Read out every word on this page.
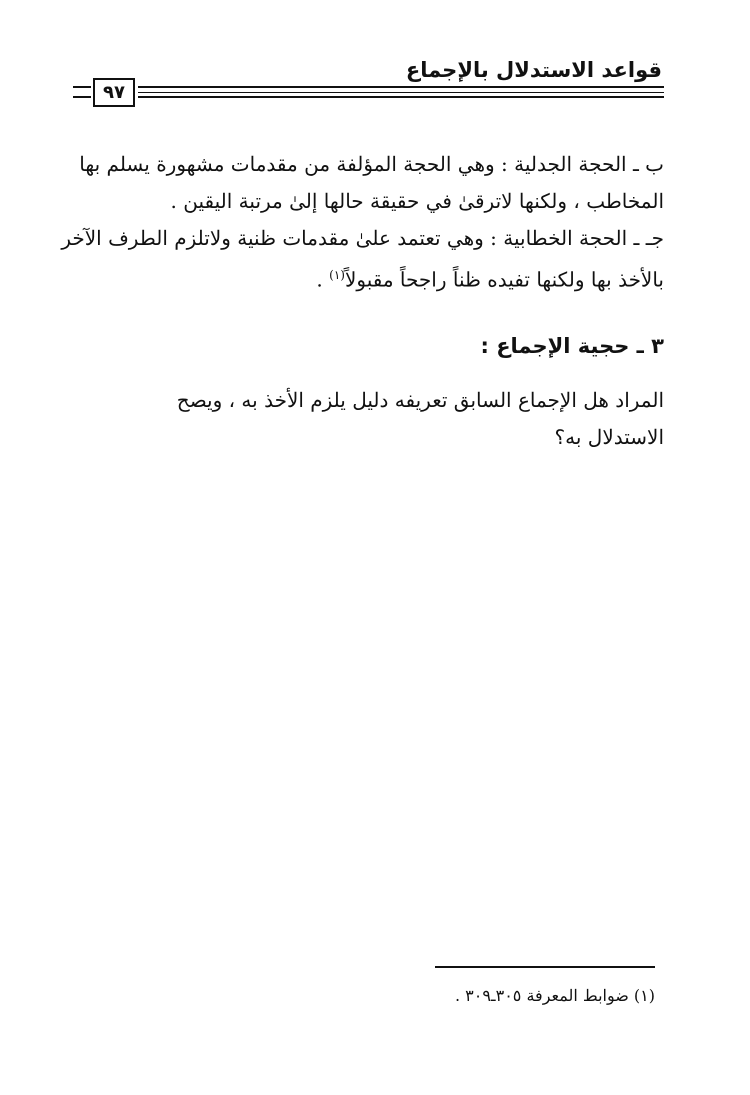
قواعد الاستدلال بالإجماع
٩٧
ب ـ الحجة الجدلية : وهي الحجة المؤلفة من مقدمات مشهورة يسلم بها
المخاطب ، ولكنها لاترقىٰ في حقيقة حالها إلىٰ مرتبة اليقين .
جـ ـ الحجة الخطابية : وهي تعتمد علىٰ مقدمات ظنية ولاتلزم الطرف الآخر
بالأخذ بها ولكنها تفيده ظناً راجحاً مقبولاً$^{(١)}$ .
٣ ـ حجية الإجماع :
المراد هل الإجماع السابق تعريفه دليل يلزم الأخذ به ، ويصح
الاستدلال به؟
(١) ضوابط المعرفة ٣٠٥ـ٣٠٩ .
